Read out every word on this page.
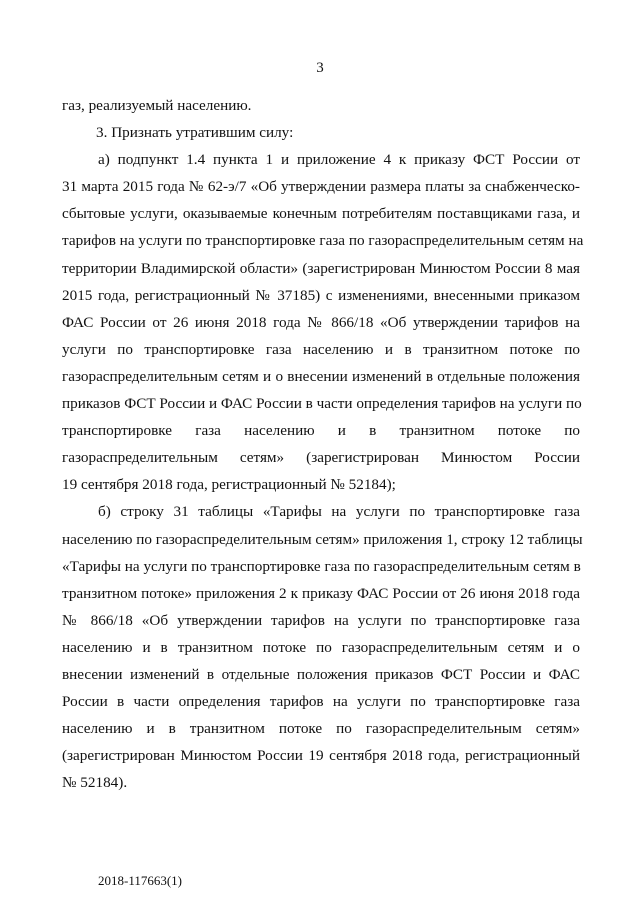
3
газ, реализуемый населению.
3. Признать утратившим силу:
а) подпункт 1.4 пункта 1 и приложение 4 к приказу ФСТ России от
31 марта 2015 года № 62-э/7 «Об утверждении размера платы за снабженческо-
сбытовые услуги, оказываемые конечным потребителям поставщиками газа, и
тарифов на услуги по транспортировке газа по газораспределительным сетям на
территории Владимирской области» (зарегистрирован Минюстом России 8 мая
2015 года, регистрационный № 37185) с изменениями, внесенными приказом
ФАС России от 26 июня 2018 года № 866/18 «Об утверждении тарифов на
услуги по транспортировке газа населению и в транзитном потоке по
газораспределительным сетям и о внесении изменений в отдельные положения
приказов ФСТ России и ФАС России в части определения тарифов на услуги по
транспортировке газа населению и в транзитном потоке по
газораспределительным сетям» (зарегистрирован Минюстом России
19 сентября 2018 года, регистрационный № 52184);
б) строку 31 таблицы «Тарифы на услуги по транспортировке газа
населению по газораспределительным сетям» приложения 1, строку 12 таблицы
«Тарифы на услуги по транспортировке газа по газораспределительным сетям в
транзитном потоке» приложения 2 к приказу ФАС России от 26 июня 2018 года
№ 866/18 «Об утверждении тарифов на услуги по транспортировке газа
населению и в транзитном потоке по газораспределительным сетям и о
внесении изменений в отдельные положения приказов ФСТ России и ФАС
России в части определения тарифов на услуги по транспортировке газа
населению и в транзитном потоке по газораспределительным сетям»
(зарегистрирован Минюстом России 19 сентября 2018 года, регистрационный
№ 52184).
2018-117663(1)
